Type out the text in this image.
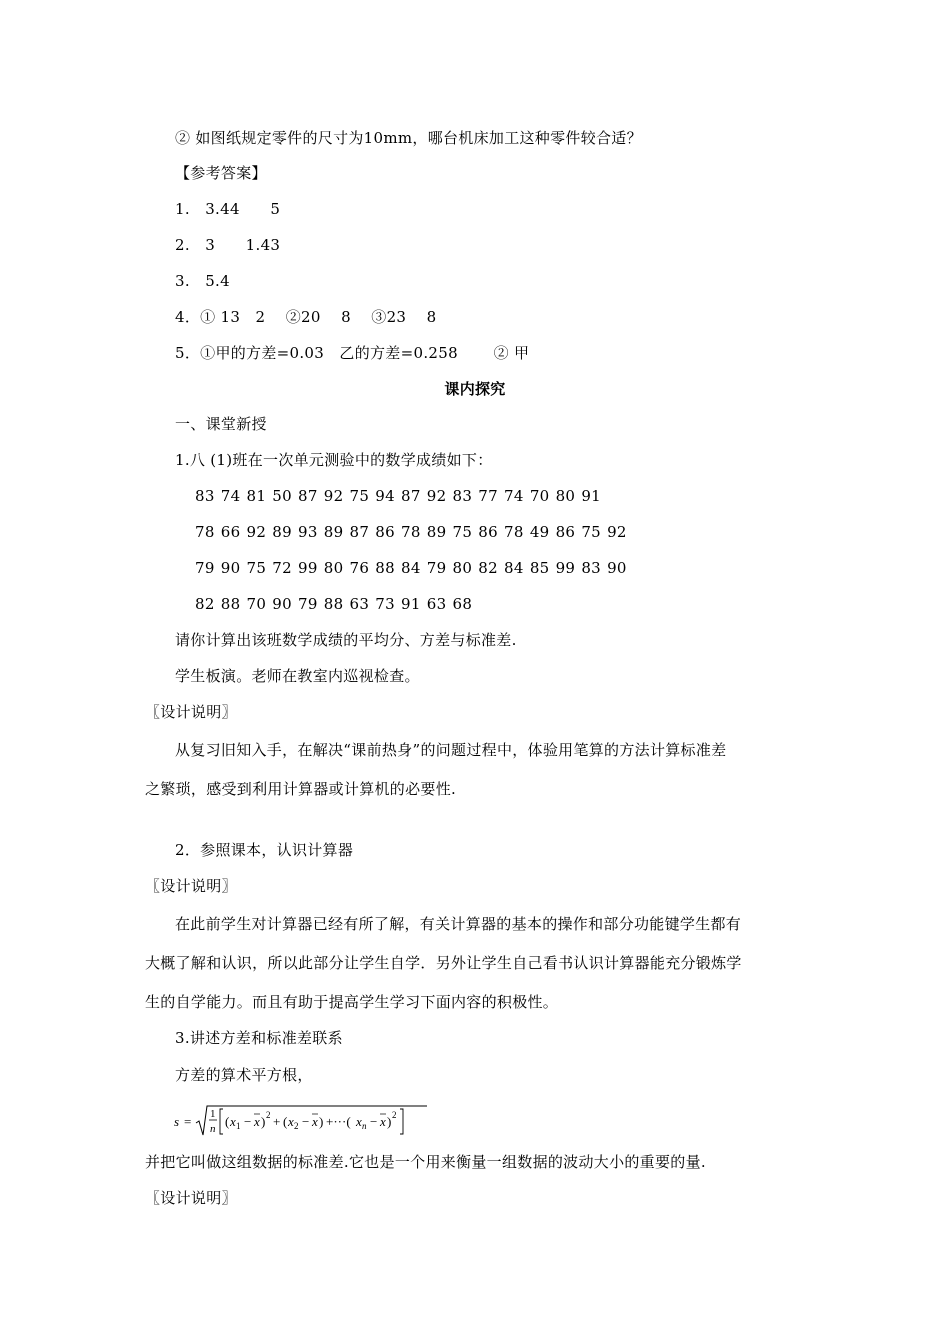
② 如图纸规定零件的尺寸为10mm，哪台机床加工这种零件较合适？
【参考答案】
1.　3.44　　5
2.　3　　1.43
3.　5.4
4．① 13　2　 ②20　 8　 ③23　 8
5．①甲的方差=0.03　乙的方差=0.258　　 ② 甲
课内探究
一、课堂新授
1.八 (1)班在一次单元测验中的数学成绩如下：
83 74 81 50 87 92 75 94 87 92 83 77 74 70 80 91
78 66 92 89 93 89 87 86 78 89 75 86 78 49 86 75 92
79 90 75 72 99 80 76 88 84 79 80 82 84 85 99 83 90
82 88 70 90 79 88 63 73 91 63 68
请你计算出该班数学成绩的平均分、方差与标准差.
学生板演。老师在教室内巡视检查。
〖设计说明〗
从复习旧知入手，在解决“课前热身”的问题过程中，体验用笔算的方法计算标准差
之繁琐，感受到利用计算器或计算机的必要性.
2．参照课本，认识计算器
〖设计说明〗
在此前学生对计算器已经有所了解，有关计算器的基本的操作和部分功能键学生都有
大概了解和认识，所以此部分让学生自学．另外让学生自己看书认识计算器能充分锻炼学
生的自学能力。而且有助于提高学生学习下面内容的积极性。
3.讲述方差和标准差联系
方差的算术平方根，
s = 1
n ( x 1 − x ) 2 + ( x 2 − x ) +···( x n − x ) 2
并把它叫做这组数据的标准差.它也是一个用来衡量一组数据的波动大小的重要的量.
〖设计说明〗
